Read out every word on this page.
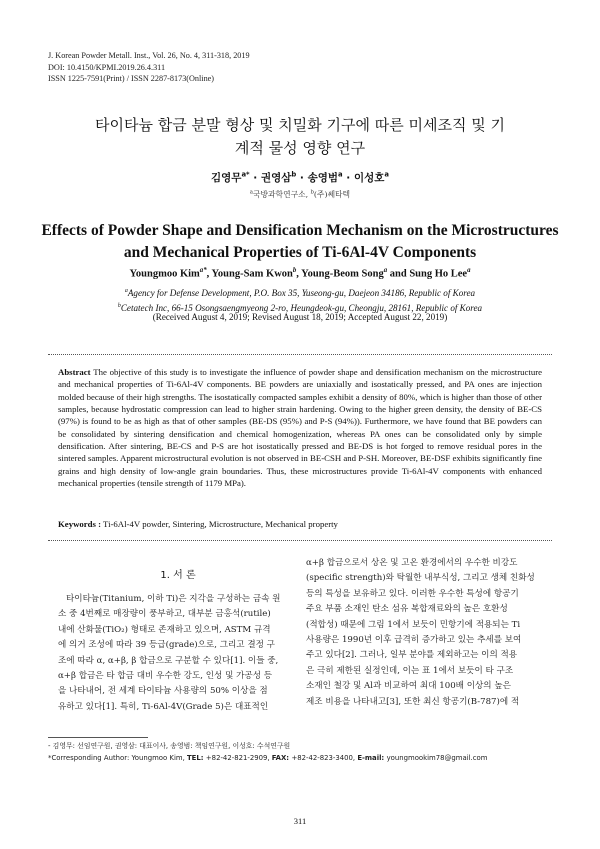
J. Korean Powder Metall. Inst., Vol. 26, No. 4, 311-318, 2019
DOI: 10.4150/KPMI.2019.26.4.311
ISSN 1225-7591(Print) / ISSN 2287-8173(Online)
타이타늄 합금 분말 형상 및 치밀화 기구에 따른 미세조직 및 기
계적 물성 영향 연구
김영무$^{a*}$ · 권영삼$^b$ · 송영범$^a$ · 이성호$^a$
$^a$국방과학연구소, $^b$(주)쎄타텍
Effects of Powder Shape and Densification Mechanism on the Microstructures
and Mechanical Properties of Ti-6Al-4V Components
Youngmoo Kim$^{a*}$, Young-Sam Kwon$^b$, Young-Beom Song$^a$ and Sung Ho Lee$^a$
$^a$Agency for Defense Development, P.O. Box 35, Yuseong-gu, Daejeon 34186, Republic of Korea
$^b$Cetatech Inc, 66-15 Osongsaengmyeong 2-ro, Heungdeok-gu, Cheongju, 28161, Republic of Korea
(Received August 4, 2019; Revised August 18, 2019; Accepted August 22, 2019)
Abstract The objective of this study is to investigate the influence of powder shape and densification mechanism on the microstructure and mechanical properties of Ti-6Al-4V components. BE powders are uniaxially and isostatically pressed, and PA ones are injection molded because of their high strengths. The isostatically compacted samples exhibit a density of 80%, which is higher than those of other samples, because hydrostatic compression can lead to higher strain hardening. Owing to the higher green density, the density of BE-CS (97%) is found to be as high as that of other samples (BE-DS (95%) and P-S (94%)). Furthermore, we have found that BE powders can be consolidated by sintering densification and chemical homogenization, whereas PA ones can be consolidated only by simple densification. After sintering, BE-CS and P-S are hot isostatically pressed and BE-DS is hot forged to remove residual pores in the sintered samples. Apparent microstructural evolution is not observed in BE-CSH and P-SH. Moreover, BE-DSF exhibits significantly fine grains and high density of low-angle grain boundaries. Thus, these microstructures provide Ti-6Al-4V components with enhanced mechanical properties (tensile strength of 1179 MPa).
Keywords : Ti-6Al-4V powder, Sintering, Microstructure, Mechanical property
1. 서 론
타이타늄(Titanium, 이하 Ti)은 지각을 구성하는 금속 원
소 중 4번째로 매장량이 풍부하고, 대부분 금홍석(rutile)
내에 산화물(TiO₂) 형태로 존재하고 있으며, ASTM 규격
에 의거 조성에 따라 39 등급(grade)으로, 그리고 결정 구
조에 따라 α, α+β, β 합금으로 구분할 수 있다[1]. 이들 중,
α+β 합금은 타 합금 대비 우수한 강도, 인성 및 가공성 등
을 나타내어, 전 세계 타이타늄 사용량의 50% 이상을 점
유하고 있다[1]. 특히, Ti-6Al-4V(Grade 5)은 대표적인
α+β 합금으로서 상온 및 고온 환경에서의 우수한 비강도
(specific strength)와 탁월한 내부식성, 그리고 생체 친화성
등의 특성을 보유하고 있다. 이러한 우수한 특성에 항공기
주요 부품 소재인 탄소 섬유 복합재료와의 높은 호환성
(적합성) 때문에 그림 1에서 보듯이 민항기에 적용되는 Ti
사용량은 1990년 이후 급격히 증가하고 있는 추세를 보여
주고 있다[2]. 그러나, 일부 분야를 제외하고는 이의 적용
은 극히 제한된 실정인데, 이는 표 1에서 보듯이 타 구조
소재인 철강 및 Al과 비교하여 최대 100배 이상의 높은
제조 비용을 나타내고[3], 또한 최신 항공기(B-787)에 적
- 김영무: 선임연구원, 권영삼: 대표이사, 송영범: 책임연구원, 이성호: 수석연구원
*Corresponding Author: Youngmoo Kim, TEL: +82-42-821-2909, FAX: +82-42-823-3400, E-mail: youngmookim78@gmail.com
311
